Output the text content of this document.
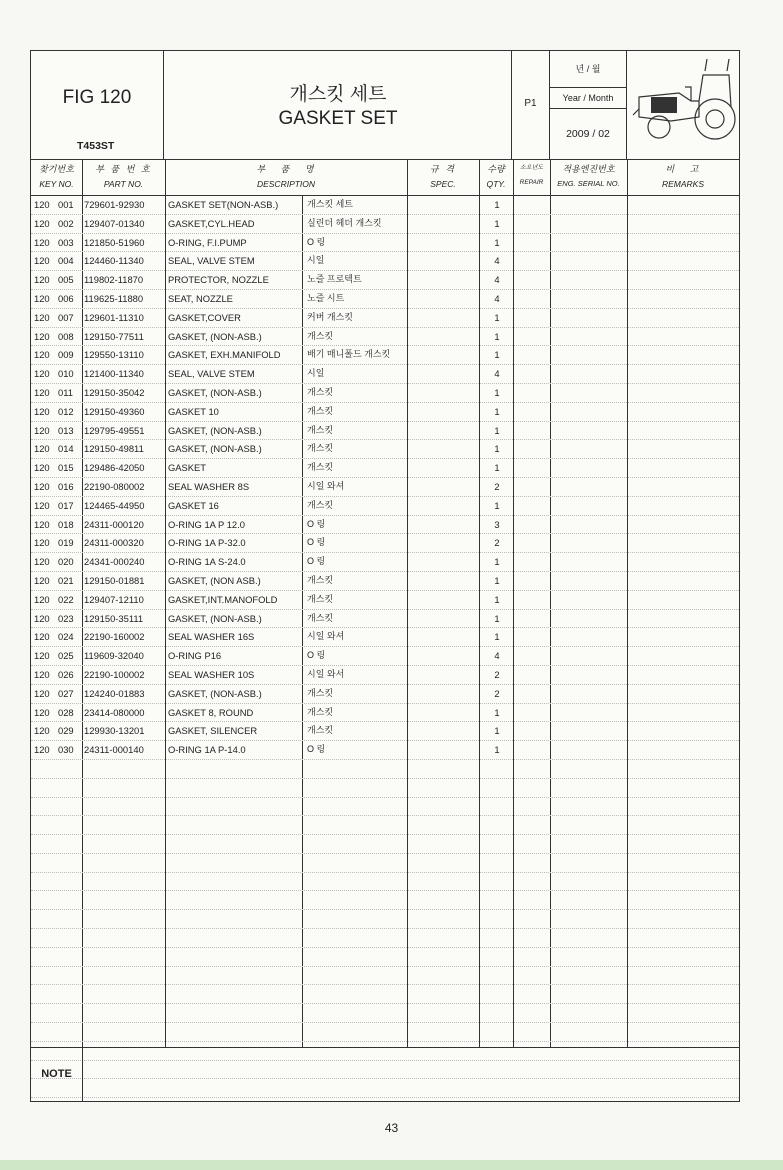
FIG 120
T453ST
개스킷 세트
GASKET SET
P1
년 / 월
Year / Month
2009 / 02
찾기번호
KEY NO.
부 품 번 호
PART NO.
부   품   명
DESCRIPTION
규 격
SPEC.
수량
QTY.
소요년도
REPAIR
적용엔진번호
ENG. SERIAL NO.
비   고
REMARKS
120 001	729601-92930	GASKET SET(NON-ASB.)	개스킷 세트	1
120 002	129407-01340	GASKET,CYL.HEAD	실린더 헤더 개스킷	1
120 003	121850-51960	O-RING, F.I.PUMP	O 링	1
120 004	124460-11340	SEAL, VALVE STEM	시일	4
120 005	119802-11870	PROTECTOR, NOZZLE	노즐 프로텍트	4
120 006	119625-11880	SEAT, NOZZLE	노즐 시트	4
120 007	129601-11310	GASKET,COVER	커버 개스킷	1
120 008	129150-77511	GASKET, (NON-ASB.)	개스킷	1
120 009	129550-13110	GASKET, EXH.MANIFOLD	배기 매니폴드 개스킷	1
120 010	121400-11340	SEAL, VALVE STEM	시일	4
120 011	129150-35042	GASKET, (NON-ASB.)	개스킷	1
120 012	129150-49360	GASKET 10	개스킷	1
120 013	129795-49551	GASKET, (NON-ASB.)	개스킷	1
120 014	129150-49811	GASKET, (NON-ASB.)	개스킷	1
120 015	129486-42050	GASKET	개스킷	1
120 016	22190-080002	SEAL WASHER 8S	시일 와셔	2
120 017	124465-44950	GASKET 16	개스킷	1
120 018	24311-000120	O-RING 1A P 12.0	O 링	3
120 019	24311-000320	O-RING 1A P-32.0	O 링	2
120 020	24341-000240	O-RING 1A S-24.0	O 링	1
120 021	129150-01881	GASKET, (NON ASB.)	개스킷	1
120 022	129407-12110	GASKET,INT.MANOFOLD	개스킷	1
120 023	129150-35111	GASKET, (NON-ASB.)	개스킷	1
120 024	22190-160002	SEAL WASHER 16S	시일 와셔	1
120 025	119609-32040	O-RING P16	O 링	4
120 026	22190-100002	SEAL WASHER 10S	시일 와서	2
120 027	124240-01883	GASKET, (NON-ASB.)	개스킷	2
120 028	23414-080000	GASKET 8, ROUND	개스킷	1
120 029	129930-13201	GASKET, SILENCER	개스킷	1
120 030	24311-000140	O-RING 1A P-14.0	O 링	1
NOTE
43
